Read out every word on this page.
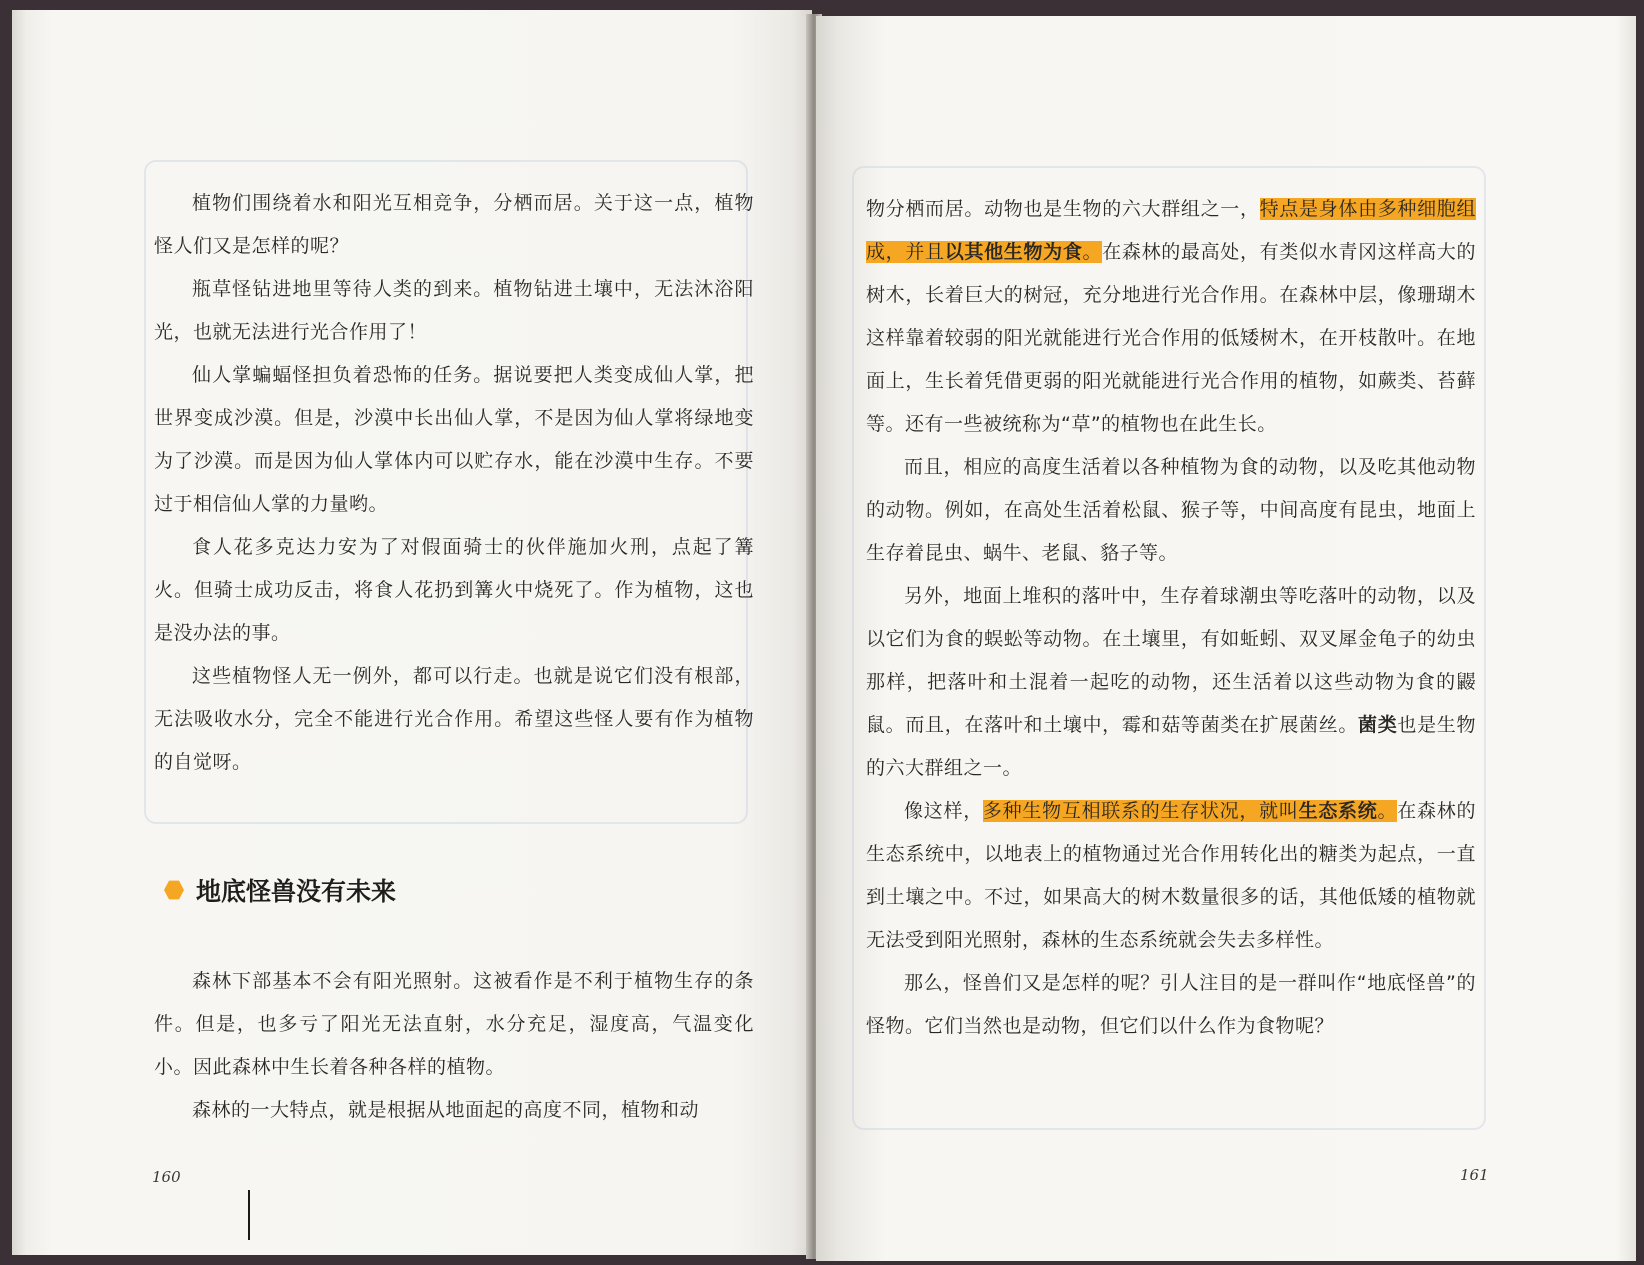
植物们围绕着水和阳光互相竞争，分栖而居。关于这一点，植物怪人们又是怎样的呢？

瓶草怪钻进地里等待人类的到来。植物钻进土壤中，无法沐浴阳光，也就无法进行光合作用了！

仙人掌蝙蝠怪担负着恐怖的任务。据说要把人类变成仙人掌，把世界变成沙漠。但是，沙漠中长出仙人掌，不是因为仙人掌将绿地变为了沙漠。而是因为仙人掌体内可以贮存水，能在沙漠中生存。不要过于相信仙人掌的力量哟。

食人花多克达力安为了对假面骑士的伙伴施加火刑，点起了篝火。但骑士成功反击，将食人花扔到篝火中烧死了。作为植物，这也是没办法的事。

这些植物怪人无一例外，都可以行走。也就是说它们没有根部，无法吸收水分，完全不能进行光合作用。希望这些怪人要有作为植物的自觉呀。

地底怪兽没有未来

森林下部基本不会有阳光照射。这被看作是不利于植物生存的条件。但是，也多亏了阳光无法直射，水分充足，湿度高，气温变化小。因此森林中生长着各种各样的植物。

森林的一大特点，就是根据从地面起的高度不同，植物和动

160

物分栖而居。动物也是生物的六大群组之一，特点是身体由多种细胞组成，并且以其他生物为食。在森林的最高处，有类似水青冈这样高大的树木，长着巨大的树冠，充分地进行光合作用。在森林中层，像珊瑚木这样靠着较弱的阳光就能进行光合作用的低矮树木，在开枝散叶。在地面上，生长着凭借更弱的阳光就能进行光合作用的植物，如蕨类、苔藓等。还有一些被统称为“草”的植物也在此生长。

而且，相应的高度生活着以各种植物为食的动物，以及吃其他动物的动物。例如，在高处生活着松鼠、猴子等，中间高度有昆虫，地面上生存着昆虫、蜗牛、老鼠、貉子等。

另外，地面上堆积的落叶中，生存着球潮虫等吃落叶的动物，以及以它们为食的蜈蚣等动物。在土壤里，有如蚯蚓、双叉犀金龟子的幼虫那样，把落叶和土混着一起吃的动物，还生活着以这些动物为食的鼹鼠。而且，在落叶和土壤中，霉和菇等菌类在扩展菌丝。菌类也是生物的六大群组之一。

像这样，多种生物互相联系的生存状况，就叫生态系统。在森林的生态系统中，以地表上的植物通过光合作用转化出的糖类为起点，一直到土壤之中。不过，如果高大的树木数量很多的话，其他低矮的植物就无法受到阳光照射，森林的生态系统就会失去多样性。

那么，怪兽们又是怎样的呢？引人注目的是一群叫作“地底怪兽”的怪物。它们当然也是动物，但它们以什么作为食物呢？

161
